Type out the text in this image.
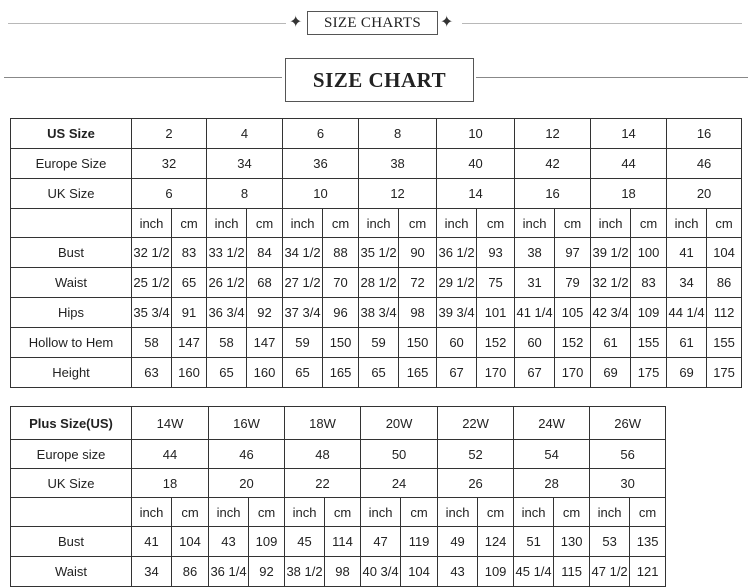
✦	SIZE CHARTS	✦
SIZE CHART
US Size	2		4		6		8		10		12		14		16	
Europe Size	32		34		36		38		40		42		44		46	
UK Size	6		8		10		12		14		16		18		20	
	inch	cm	inch	cm	inch	cm	inch	cm	inch	cm	inch	cm	inch	cm	inch	cm
Bust	32 1/2	83	33 1/2	84	34 1/2	88	35 1/2	90	36 1/2	93	38	97	39 1/2	100	41	104
Waist	25 1/2	65	26 1/2	68	27 1/2	70	28 1/2	72	29 1/2	75	31	79	32 1/2	83	34	86
Hips	35 3/4	91	36 3/4	92	37 3/4	96	38 3/4	98	39 3/4	101	41 1/4	105	42 3/4	109	44 1/4	112
Hollow to Hem	58	147	58	147	59	150	59	150	60	152	60	152	61	155	61	155
Height	63	160	65	160	65	165	65	165	67	170	67	170	69	175	69	175
Plus Size(US)	14W		16W		18W		20W		22W		24W		26W	
Europe size	44		46		48		50		52		54		56	
UK Size	18		20		22		24		26		28		30	
	inch	cm	inch	cm	inch	cm	inch	cm	inch	cm	inch	cm	inch	cm
Bust	41	104	43	109	45	114	47	119	49	124	51	130	53	135
Waist	34	86	36 1/4	92	38 1/2	98	40 3/4	104	43	109	45 1/4	115	47 1/2	121
